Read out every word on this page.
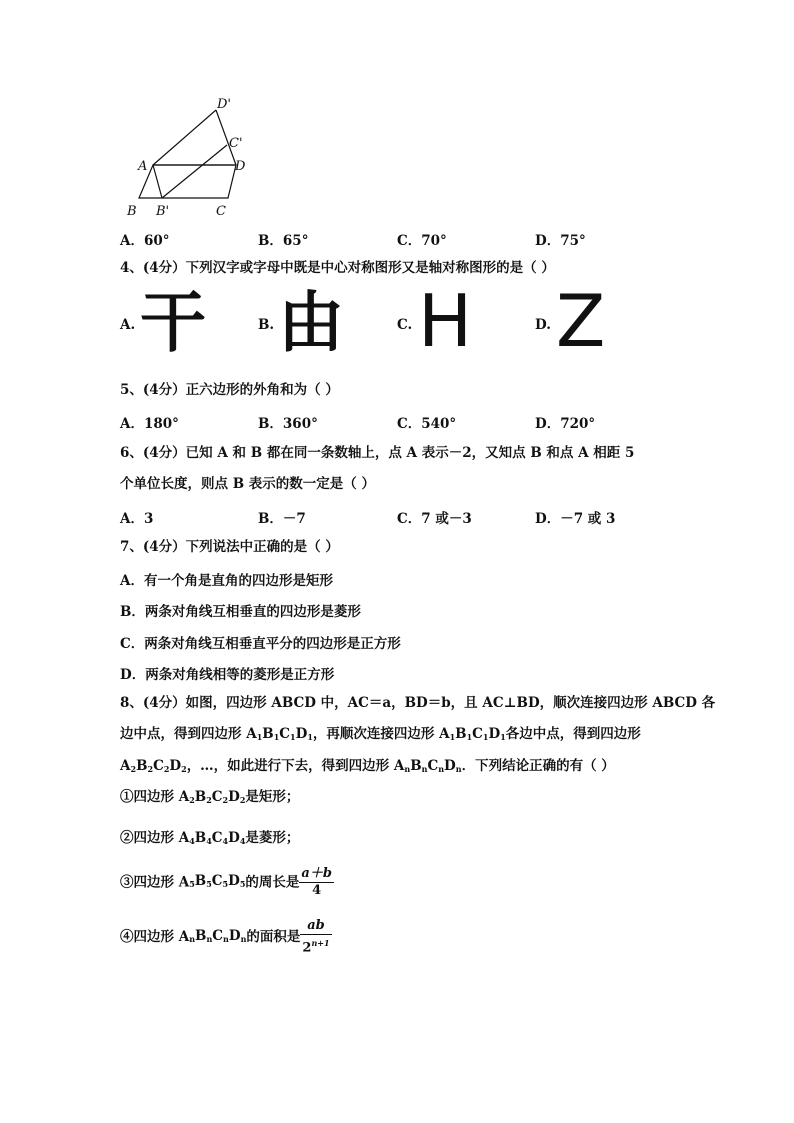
D'
C'
A	D
B B'	C
A．60°	B．65°	C．70°	D．75°
4、(4分）下列汉字或字母中既是中心对称图形又是轴对称图形的是（ ）
A. 干	B. 由	C. H	D. Z
5、(4分）正六边形的外角和为（ ）
A．180°	B．360°	C．540°	D．720°
6、(4分）已知 A 和 B 都在同一条数轴上，点 A 表示－2，又知点 B 和点 A 相距 5
个单位长度，则点 B 表示的数一定是（ ）
A．3	B．－7	C．7 或－3	D．－7 或 3
7、(4分）下列说法中正确的是（ ）
A．有一个角是直角的四边形是矩形
B．两条对角线互相垂直的四边形是菱形
C．两条对角线互相垂直平分的四边形是正方形
D．两条对角线相等的菱形是正方形
8、(4分）如图，四边形 ABCD 中，AC＝a，BD＝b，且 AC⊥BD，顺次连接四边形 ABCD 各
边中点，得到四边形 $A_1B_1C_1D_1$，再顺次连接四边形 $A_1B_1C_1D_1$各边中点，得到四边形
$A_2B_2C_2D_2$，…，如此进行下去，得到四边形 $A_nB_nC_nD_n$．下列结论正确的有（ ）
①四边形 $A_2B_2C_2D_2$是矩形；
②四边形 $A_4B_4C_4D_4$是菱形；
③四边形 $A_5B_5C_5D_5$的周长是 $\frac{a+b}{4}$
④四边形 $A_nB_nC_nD_n$的面积是 $\frac{ab}{2^{n+1}}$
